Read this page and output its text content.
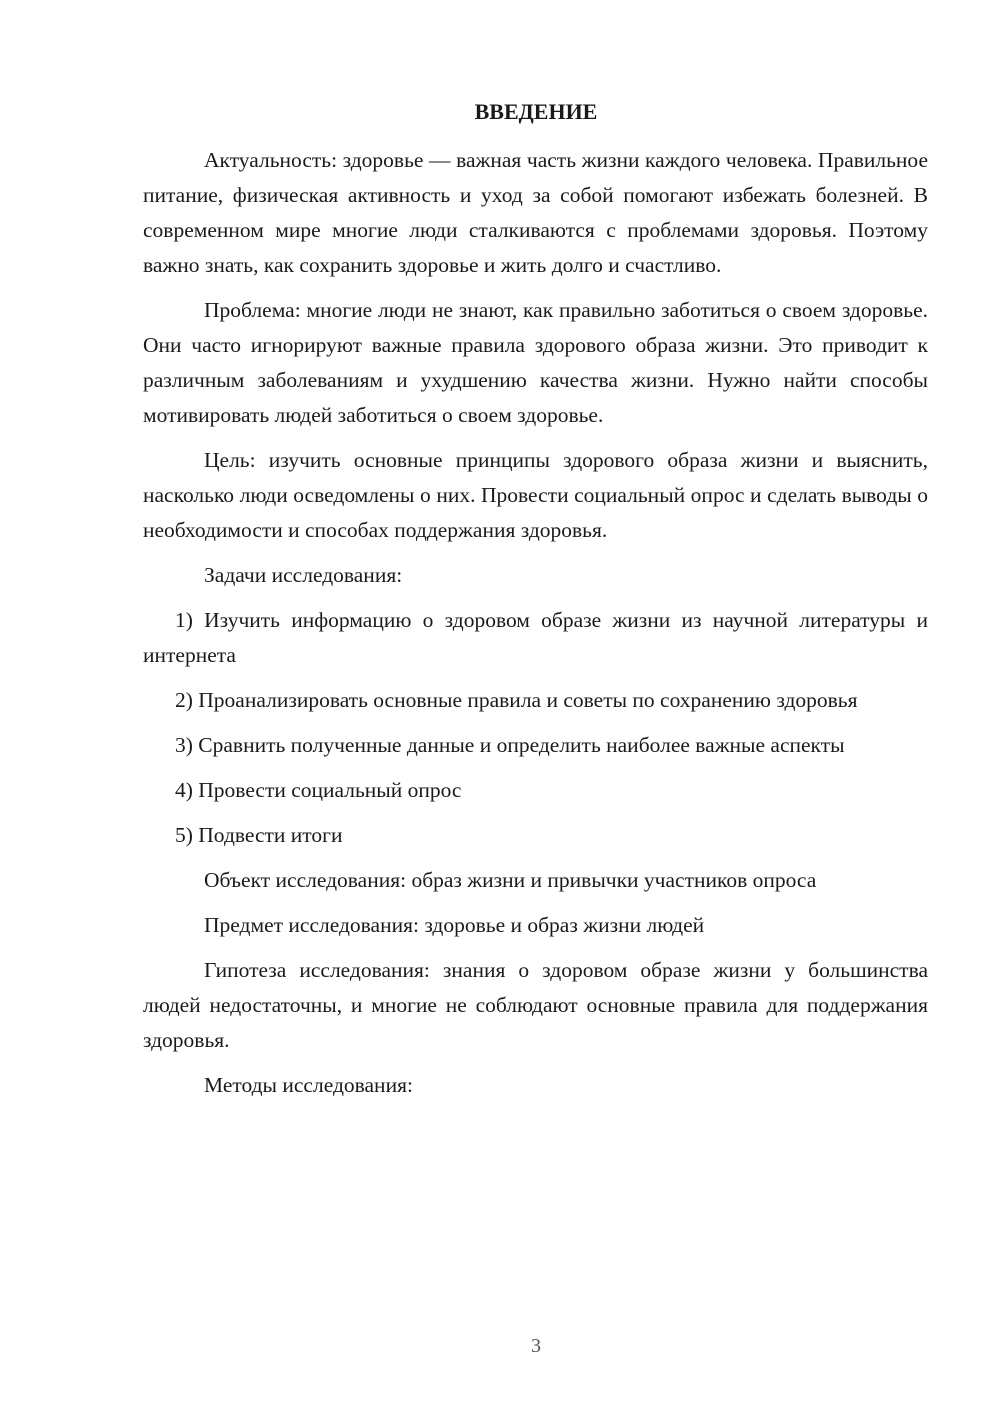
ВВЕДЕНИЕ

Актуальность: здоровье — важная часть жизни каждого человека. Правильное питание, физическая активность и уход за собой помогают избежать болезней. В современном мире многие люди сталкиваются с проблемами здоровья. Поэтому важно знать, как сохранить здоровье и жить долго и счастливо.

Проблема: многие люди не знают, как правильно заботиться о своем здоровье. Они часто игнорируют важные правила здорового образа жизни. Это приводит к различным заболеваниям и ухудшению качества жизни. Нужно найти способы мотивировать людей заботиться о своем здоровье.

Цель: изучить основные принципы здорового образа жизни и выяснить, насколько люди осведомлены о них. Провести социальный опрос и сделать выводы о необходимости и способах поддержания здоровья.

Задачи исследования:

1) Изучить информацию о здоровом образе жизни из научной литературы и интернета

2) Проанализировать основные правила и советы по сохранению здоровья

3) Сравнить полученные данные и определить наиболее важные аспекты

4) Провести социальный опрос

5) Подвести итоги

Объект исследования: образ жизни и привычки участников опроса

Предмет исследования: здоровье и образ жизни людей

Гипотеза исследования: знания о здоровом образе жизни у большинства людей недостаточны, и многие не соблюдают основные правила для поддержания здоровья.

Методы исследования:

3
